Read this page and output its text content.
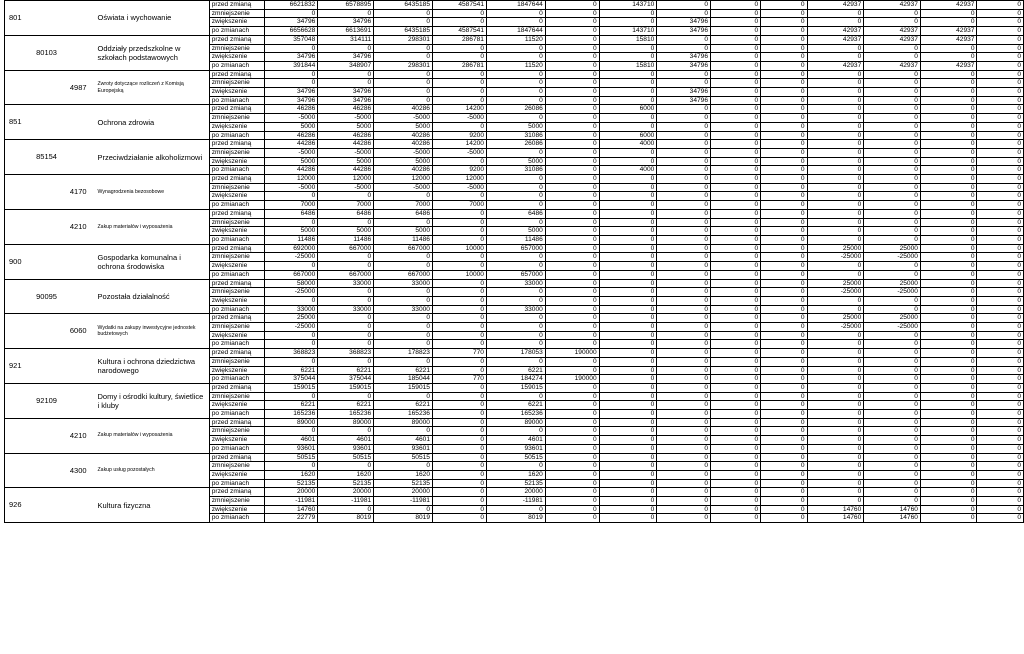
801			Oświata i wychowanie	przed zmianą	6621832	6578895	6435185	4587541	1847644	0	143710	0	0	0	42937	42937	42937	0
				zmniejszenie	0	0	0	0	0	0	0	0	0	0	0	0	0	0
				zwiększenie	34796	34796	0	0	0	0	0	34796	0	0	0	0	0	0
				po zmianach	6656628	6613691	6435185	4587541	1847644	0	143710	34796	0	0	42937	42937	42937	0
	80103		Oddziały przedszkolne w szkołach podstawowych	przed zmianą	357048	314111	298301	286781	11520	0	15810	0	0	0	42937	42937	42937	0
				zmniejszenie	0	0	0	0	0	0	0	0	0	0	0	0	0	0
				zwiększenie	34796	34796	0	0	0	0	0	34796	0	0	0	0	0	0
				po zmianach	391844	348907	298301	286781	11520	0	15810	34796	0	0	42937	42937	42937	0
		4987	Zwroty dotyczące rozliczeń z Komisją Europejską	przed zmianą	0	0	0	0	0	0	0	0	0	0	0	0	0	0
				zmniejszenie	0	0	0	0	0	0	0	0	0	0	0	0	0	0
				zwiększenie	34796	34796	0	0	0	0	0	34796	0	0	0	0	0	0
				po zmianach	34796	34796	0	0	0	0	0	34796	0	0	0	0	0	0
851			Ochrona zdrowia	przed zmianą	46286	46286	40286	14200	26086	0	6000	0	0	0	0	0	0	0
				zmniejszenie	-5000	-5000	-5000	-5000	0	0	0	0	0	0	0	0	0	0
				zwiększenie	5000	5000	5000	0	5000	0	0	0	0	0	0	0	0	0
				po zmianach	46286	46286	40286	9200	31086	0	6000	0	0	0	0	0	0	0
	85154		Przeciwdziałanie alkoholizmowi	przed zmianą	44286	44286	40286	14200	26086	0	4000	0	0	0	0	0	0	0
				zmniejszenie	-5000	-5000	-5000	-5000	0	0	0	0	0	0	0	0	0	0
				zwiększenie	5000	5000	5000	0	5000	0	0	0	0	0	0	0	0	0
				po zmianach	44286	44286	40286	9200	31086	0	4000	0	0	0	0	0	0	0
		4170	Wynagrodzenia bezosobowe	przed zmianą	12000	12000	12000	12000	0	0	0	0	0	0	0	0	0	0
				zmniejszenie	-5000	-5000	-5000	-5000	0	0	0	0	0	0	0	0	0	0
				zwiększenie	0	0	0	0	0	0	0	0	0	0	0	0	0	0
				po zmianach	7000	7000	7000	7000	0	0	0	0	0	0	0	0	0	0
		4210	Zakup materiałów i wyposażenia	przed zmianą	6486	6486	6486	0	6486	0	0	0	0	0	0	0	0	0
				zmniejszenie	0	0	0	0	0	0	0	0	0	0	0	0	0	0
				zwiększenie	5000	5000	5000	0	5000	0	0	0	0	0	0	0	0	0
				po zmianach	11486	11486	11486	0	11486	0	0	0	0	0	0	0	0	0
900			Gospodarka komunalna i ochrona środowiska	przed zmianą	692000	667000	667000	10000	657000	0	0	0	0	0	25000	25000	0	0
				zmniejszenie	-25000	0	0	0	0	0	0	0	0	0	-25000	-25000	0	0
				zwiększenie	0	0	0	0	0	0	0	0	0	0	0	0	0	0
				po zmianach	667000	667000	667000	10000	657000	0	0	0	0	0	0	0	0	0
	90095		Pozostała działalność	przed zmianą	58000	33000	33000	0	33000	0	0	0	0	0	25000	25000	0	0
				zmniejszenie	-25000	0	0	0	0	0	0	0	0	0	-25000	-25000	0	0
				zwiększenie	0	0	0	0	0	0	0	0	0	0	0	0	0	0
				po zmianach	33000	33000	33000	0	33000	0	0	0	0	0	0	0	0	0
		6060	Wydatki na zakupy inwestycyjne jednostek budżetowych	przed zmianą	25000	0	0	0	0	0	0	0	0	0	25000	25000	0	0
				zmniejszenie	-25000	0	0	0	0	0	0	0	0	0	-25000	-25000	0	0
				zwiększenie	0	0	0	0	0	0	0	0	0	0	0	0	0	0
				po zmianach	0	0	0	0	0	0	0	0	0	0	0	0	0	0
921			Kultura i ochrona dziedzictwa narodowego	przed zmianą	368823	368823	178823	770	178053	190000	0	0	0	0	0	0	0	0
				zmniejszenie	0	0	0	0	0	0	0	0	0	0	0	0	0	0
				zwiększenie	6221	6221	6221	0	6221	0	0	0	0	0	0	0	0	0
				po zmianach	375044	375044	185044	770	184274	190000	0	0	0	0	0	0	0	0
	92109		Domy i ośrodki kultury, świetlice i kluby	przed zmianą	159015	159015	159015	0	159015	0	0	0	0	0	0	0	0	0
				zmniejszenie	0	0	0	0	0	0	0	0	0	0	0	0	0	0
				zwiększenie	6221	6221	6221	0	6221	0	0	0	0	0	0	0	0	0
				po zmianach	165236	165236	165236	0	165236	0	0	0	0	0	0	0	0	0
		4210	Zakup materiałów i wyposażenia	przed zmianą	89000	89000	89000	0	89000	0	0	0	0	0	0	0	0	0
				zmniejszenie	0	0	0	0	0	0	0	0	0	0	0	0	0	0
				zwiększenie	4601	4601	4601	0	4601	0	0	0	0	0	0	0	0	0
				po zmianach	93601	93601	93601	0	93601	0	0	0	0	0	0	0	0	0
		4300	Zakup usług pozostałych	przed zmianą	50515	50515	50515	0	50515	0	0	0	0	0	0	0	0	0
				zmniejszenie	0	0	0	0	0	0	0	0	0	0	0	0	0	0
				zwiększenie	1620	1620	1620	0	1620	0	0	0	0	0	0	0	0	0
				po zmianach	52135	52135	52135	0	52135	0	0	0	0	0	0	0	0	0
926			Kultura fizyczna	przed zmianą	20000	20000	20000	0	20000	0	0	0	0	0	0	0	0	0
				zmniejszenie	-11981	-11981	-11981	0	-11981	0	0	0	0	0	0	0	0	0
				zwiększenie	14760	0	0	0	0	0	0	0	0	0	14760	14760	0	0
				po zmianach	22779	8019	8019	0	8019	0	0	0	0	0	14760	14760	0	0
